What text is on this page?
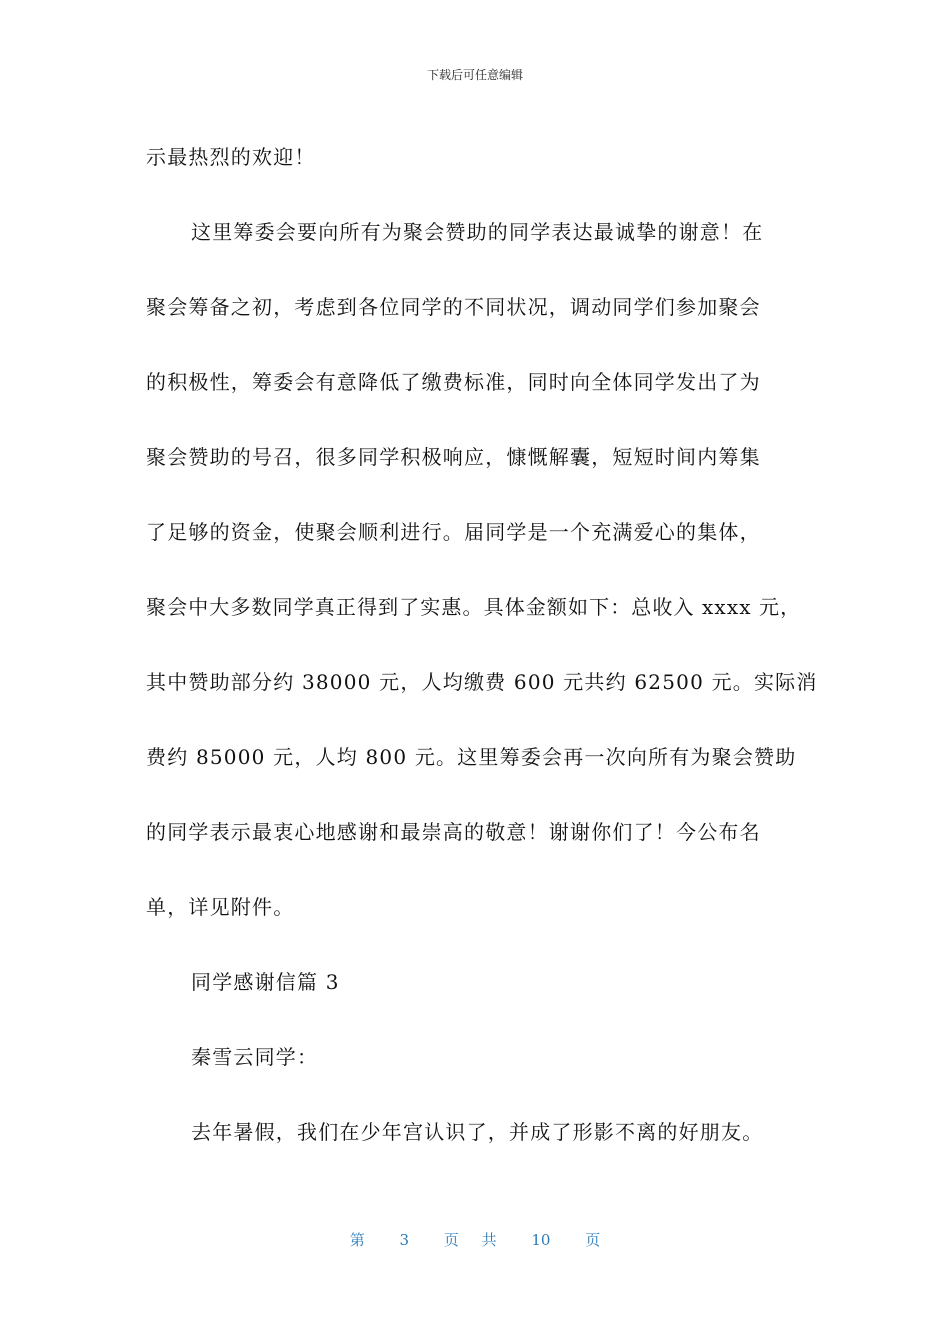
下载后可任意编辑
示最热烈的欢迎！
这里筹委会要向所有为聚会赞助的同学表达最诚挚的谢意！在
聚会筹备之初，考虑到各位同学的不同状况，调动同学们参加聚会
的积极性，筹委会有意降低了缴费标准，同时向全体同学发出了为
聚会赞助的号召，很多同学积极响应，慷慨解囊，短短时间内筹集
了足够的资金，使聚会顺利进行。届同学是一个充满爱心的集体，
聚会中大多数同学真正得到了实惠。具体金额如下：总收入 xxxx 元，
其中赞助部分约 38000 元，人均缴费 600 元共约 62500 元。实际消
费约 85000 元，人均 800 元。这里筹委会再一次向所有为聚会赞助
的同学表示最衷心地感谢和最崇高的敬意！谢谢你们了！今公布名
单，详见附件。
同学感谢信篇 3
秦雪云同学：
去年暑假，我们在少年宫认识了，并成了形影不离的好朋友。
第 3 页 共 10 页
